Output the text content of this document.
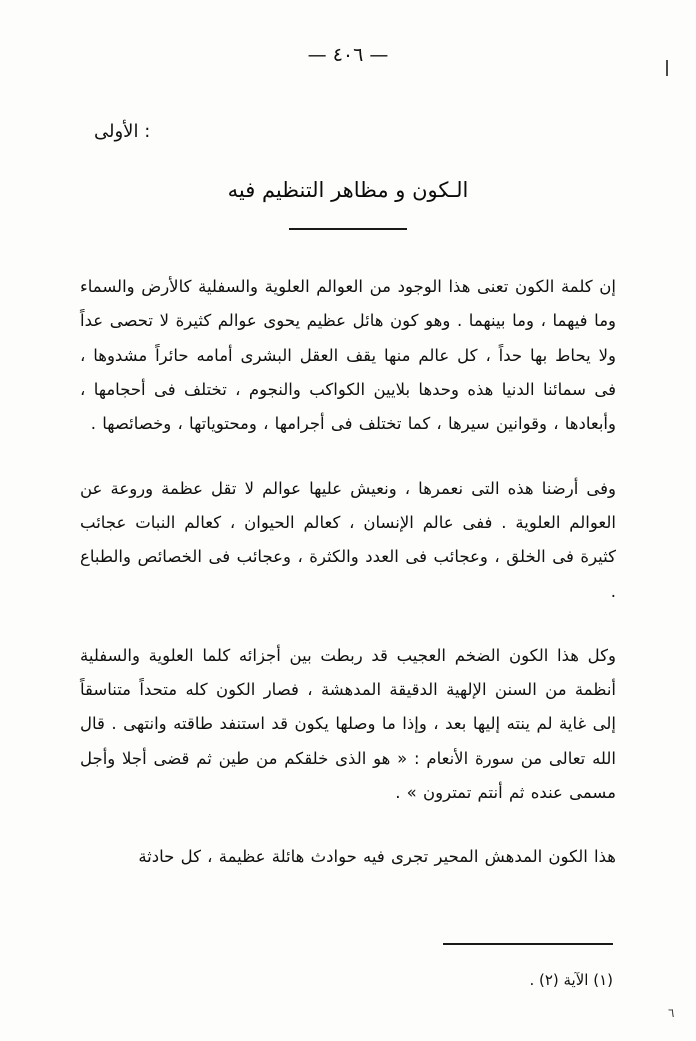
— ٤٠٦ —
: الأولى
الـكون و مظاهر التنظيم فيه

إن كلمة الكون تعنى هذا الوجود من العوالم العلوية والسفلية كالأرض والسماء وما فيهما ، وما بينهما . وهو كون هائل عظيم يحوى عوالم كثيرة لا تحصى عداً ولا يحاط بها حداً ، كل عالم منها يقف العقل البشرى أمامه حائراً مشدوها ، فى سمائنا الدنيا هذه وحدها بلايين الكواكب والنجوم ، تختلف فى أحجامها ، وأبعادها ، وقوانين سيرها ، كما تختلف فى أجرامها ، ومحتوياتها ، وخصائصها .

وفى أرضنا هذه التى نعمرها ، ونعيش عليها عوالم لا تقل عظمة وروعة عن العوالم العلوية . ففى عالم الإنسان ، كعالم الحيوان ، كعالم النبات عجائب كثيرة فى الخلق ، وعجائب فى العدد والكثرة ، وعجائب فى الخصائص والطباع .

وكل هذا الكون الضخم العجيب قد ربطت بين أجزائه كلما العلوية والسفلية أنظمة من السنن الإلهية الدقيقة المدهشة ، فصار الكون كله متحداً متناسقاً إلى غاية لم ينته إليها بعد ، وإذا ما وصلها يكون قد استنفد طاقته وانتهى . قال الله تعالى من سورة الأنعام : « هو الذى خلقكم من طين ثم قضى أجلا وأجل مسمى عنده ثم أنتم تمترون » .

هذا الكون المدهش المحير تجرى فيه حوادث هائلة عظيمة ، كل حادثة

(١) الآية (٢) .
٦
